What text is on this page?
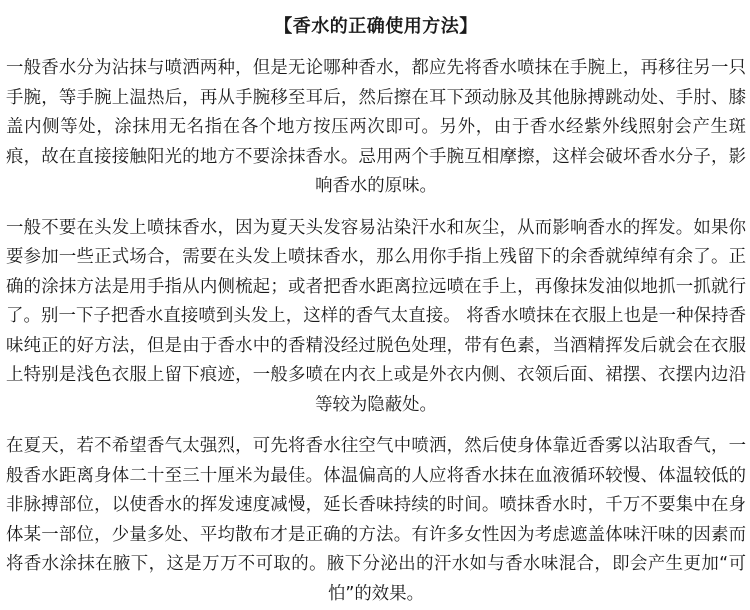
【香水的正确使用方法】

一般香水分为沾抹与喷洒两种，但是无论哪种香水，都应先将香水喷抹在手腕上，再移往另一只手腕，等手腕上温热后，再从手腕移至耳后，然后擦在耳下颈动脉及其他脉搏跳动处、手肘、膝盖内侧等处，涂抹用无名指在各个地方按压两次即可。另外，由于香水经紫外线照射会产生斑痕，故在直接接触阳光的地方不要涂抹香水。忌用两个手腕互相摩擦，这样会破坏香水分子，影响香水的原味。

一般不要在头发上喷抹香水，因为夏天头发容易沾染汗水和灰尘，从而影响香水的挥发。如果你要参加一些正式场合，需要在头发上喷抹香水，那么用你手指上残留下的余香就绰绰有余了。正确的涂抹方法是用手指从内侧梳起；或者把香水距离拉远喷在手上，再像抹发油似地抓一抓就行了。别一下子把香水直接喷到头发上，这样的香气太直接。 将香水喷抹在衣服上也是一种保持香味纯正的好方法，但是由于香水中的香精没经过脱色处理，带有色素，当酒精挥发后就会在衣服上特别是浅色衣服上留下痕迹，一般多喷在内衣上或是外衣内侧、衣领后面、裙摆、衣摆内边沿等较为隐蔽处。

在夏天，若不希望香气太强烈，可先将香水往空气中喷洒，然后使身体靠近香雾以沾取香气，一般香水距离身体二十至三十厘米为最佳。体温偏高的人应将香水抹在血液循环较慢、体温较低的非脉搏部位，以使香水的挥发速度减慢，延长香味持续的时间。喷抹香水时，千万不要集中在身体某一部位，少量多处、平均散布才是正确的方法。有许多女性因为考虑遮盖体味汗味的因素而将香水涂抹在腋下，这是万万不可取的。腋下分泌出的汗水如与香水味混合，即会产生更加“可怕”的效果。
